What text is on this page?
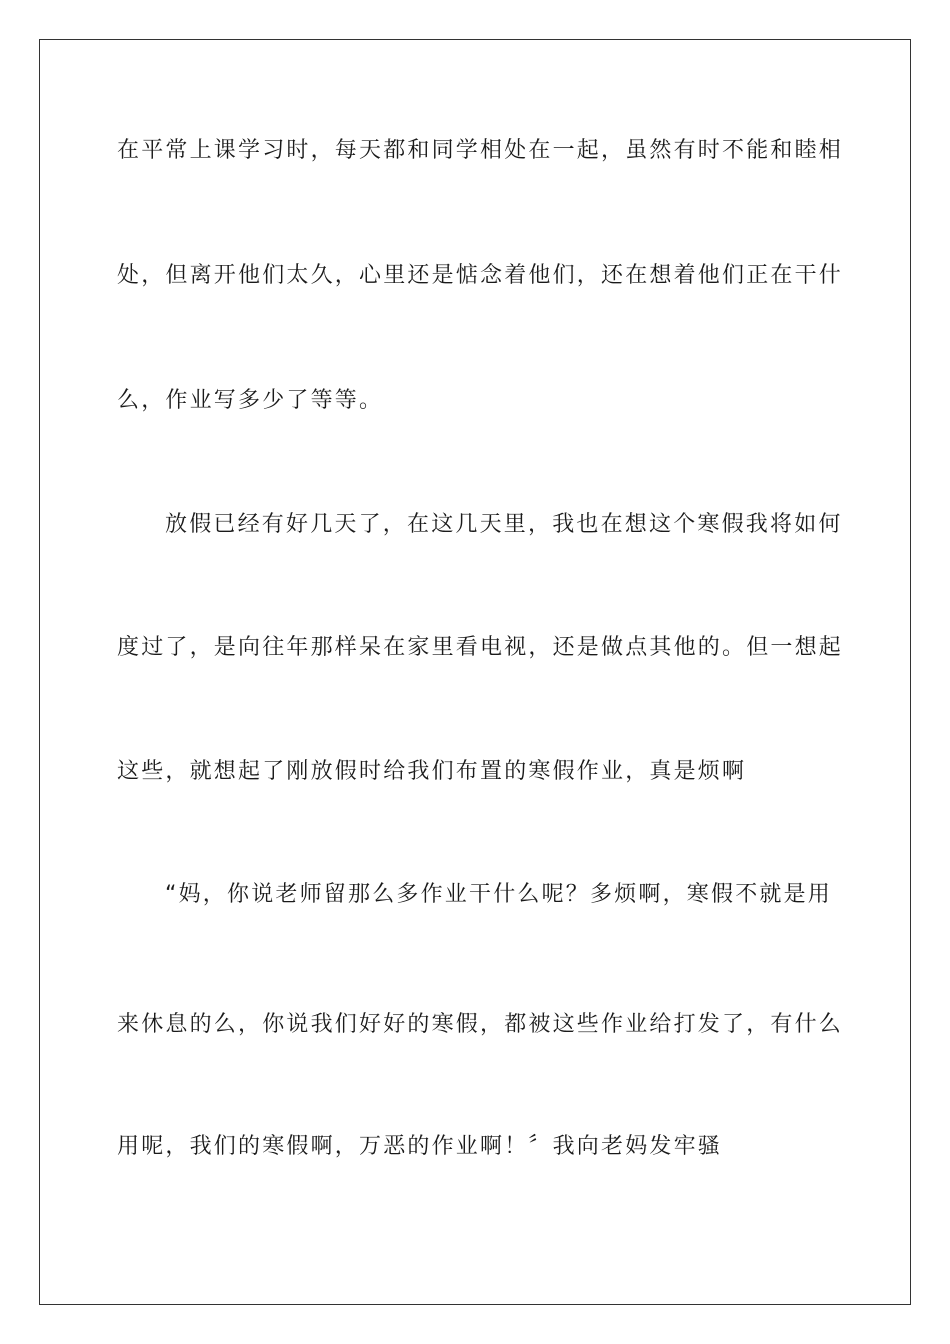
在平常上课学习时，每天都和同学相处在一起，虽然有时不能和睦相
处，但离开他们太久，心里还是惦念着他们，还在想着他们正在干什
么，作业写多少了等等。
放假已经有好几天了，在这几天里，我也在想这个寒假我将如何
度过了，是向往年那样呆在家里看电视，还是做点其他的。但一想起
这些，就想起了刚放假时给我们布置的寒假作业，真是烦啊
“妈，你说老师留那么多作业干什么呢？多烦啊，寒假不就是用
来休息的么，你说我们好好的寒假，都被这些作业给打发了，有什么
用呢，我们的寒假啊，万恶的作业啊！〞我向老妈发牢骚
